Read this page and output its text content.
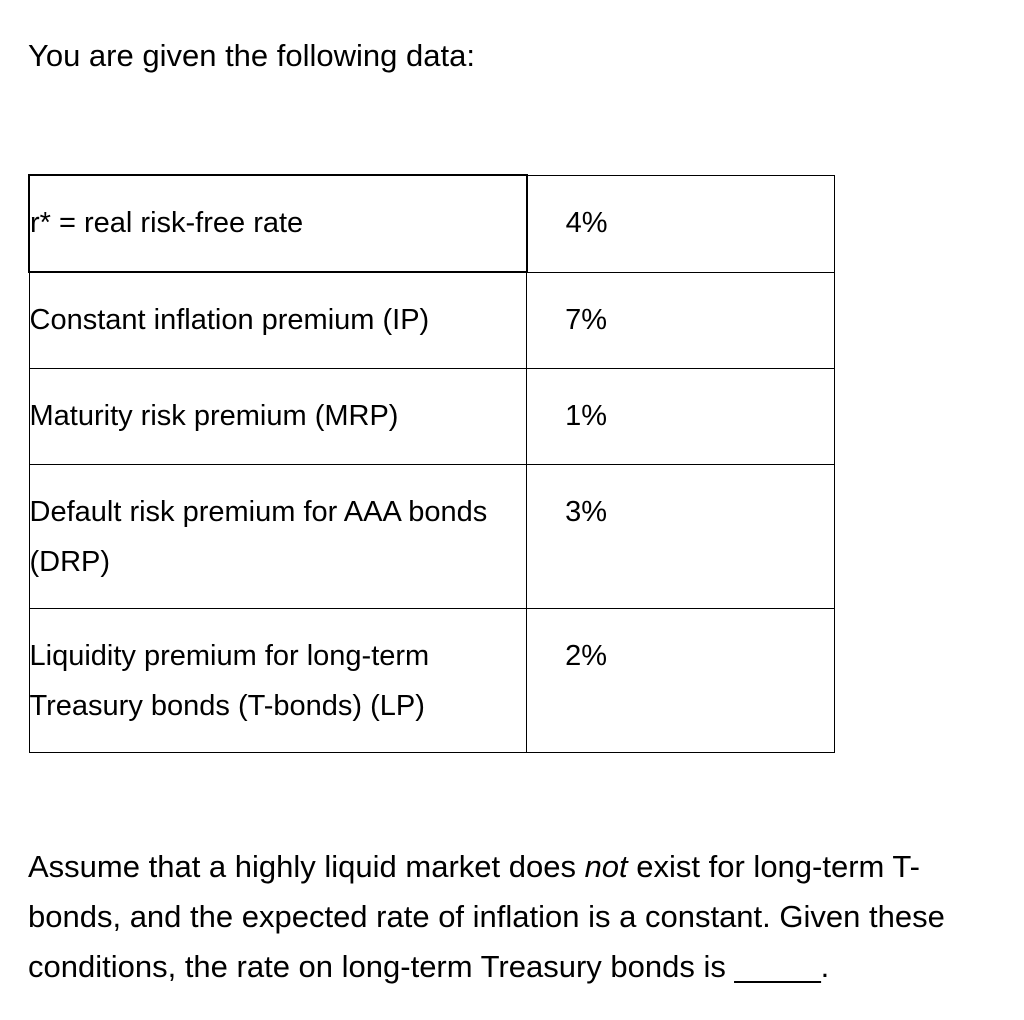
You are given the following data:

r* = real risk-free rate	4%

Constant inflation premium (IP)	7%

Maturity risk premium (MRP)	1%

Default risk premium for AAA bonds (DRP)	3%

Liquidity premium for long-term Treasury bonds (T-bonds) (LP)	2%

Assume that a highly liquid market does not exist for long-term T-bonds, and the expected rate of inflation is a constant. Given these conditions, the rate on long-term Treasury bonds is _____.
